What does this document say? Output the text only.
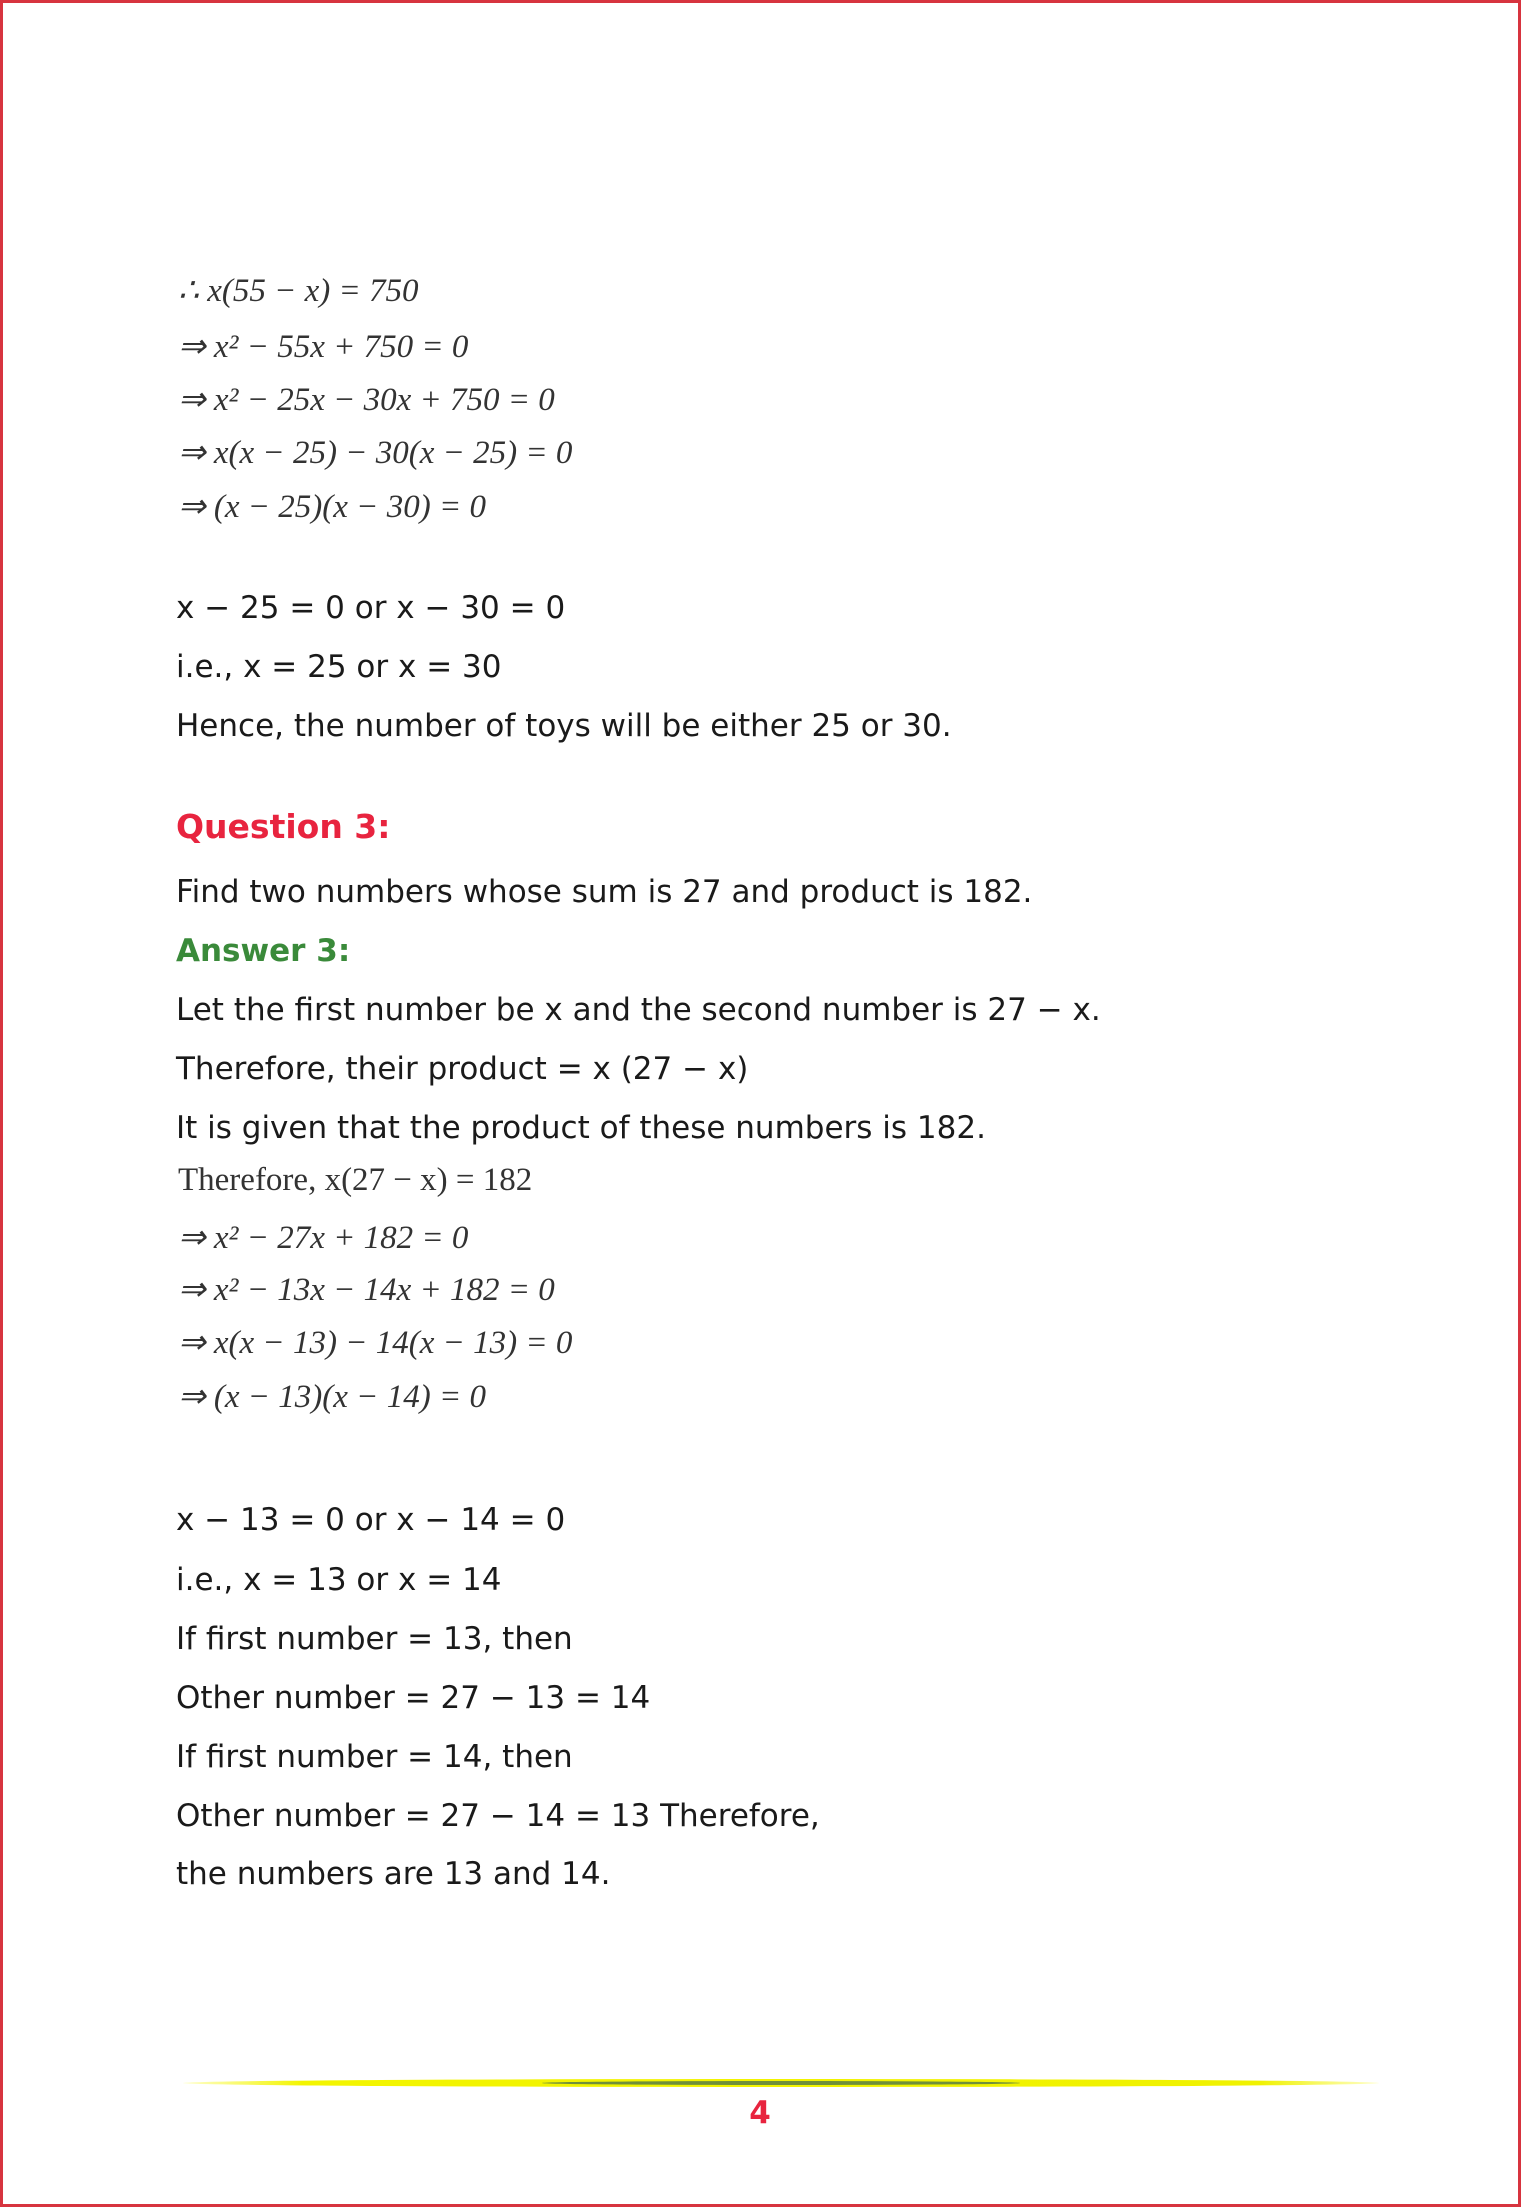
∴ x(55 − x) = 750
⇒ x² − 55x + 750 = 0
⇒ x² − 25x − 30x + 750 = 0
⇒ x(x − 25) − 30(x − 25) = 0
⇒ (x − 25)(x − 30) = 0
x − 25 = 0 or x − 30 = 0
i.e., x = 25 or x = 30
Hence, the number of toys will be either 25 or 30.
Question 3:
Find two numbers whose sum is 27 and product is 182.
Answer 3:
Let the first number be x and the second number is 27 − x.
Therefore, their product = x (27 − x)
It is given that the product of these numbers is 182.
Therefore, x(27 − x) = 182
⇒ x² − 27x + 182 = 0
⇒ x² − 13x − 14x + 182 = 0
⇒ x(x − 13) − 14(x − 13) = 0
⇒ (x − 13)(x − 14) = 0
x − 13 = 0 or x − 14 = 0
i.e., x = 13 or x = 14
If first number = 13, then
Other number = 27 − 13 = 14
If first number = 14, then
Other number = 27 − 14 = 13 Therefore,
the numbers are 13 and 14.
4
